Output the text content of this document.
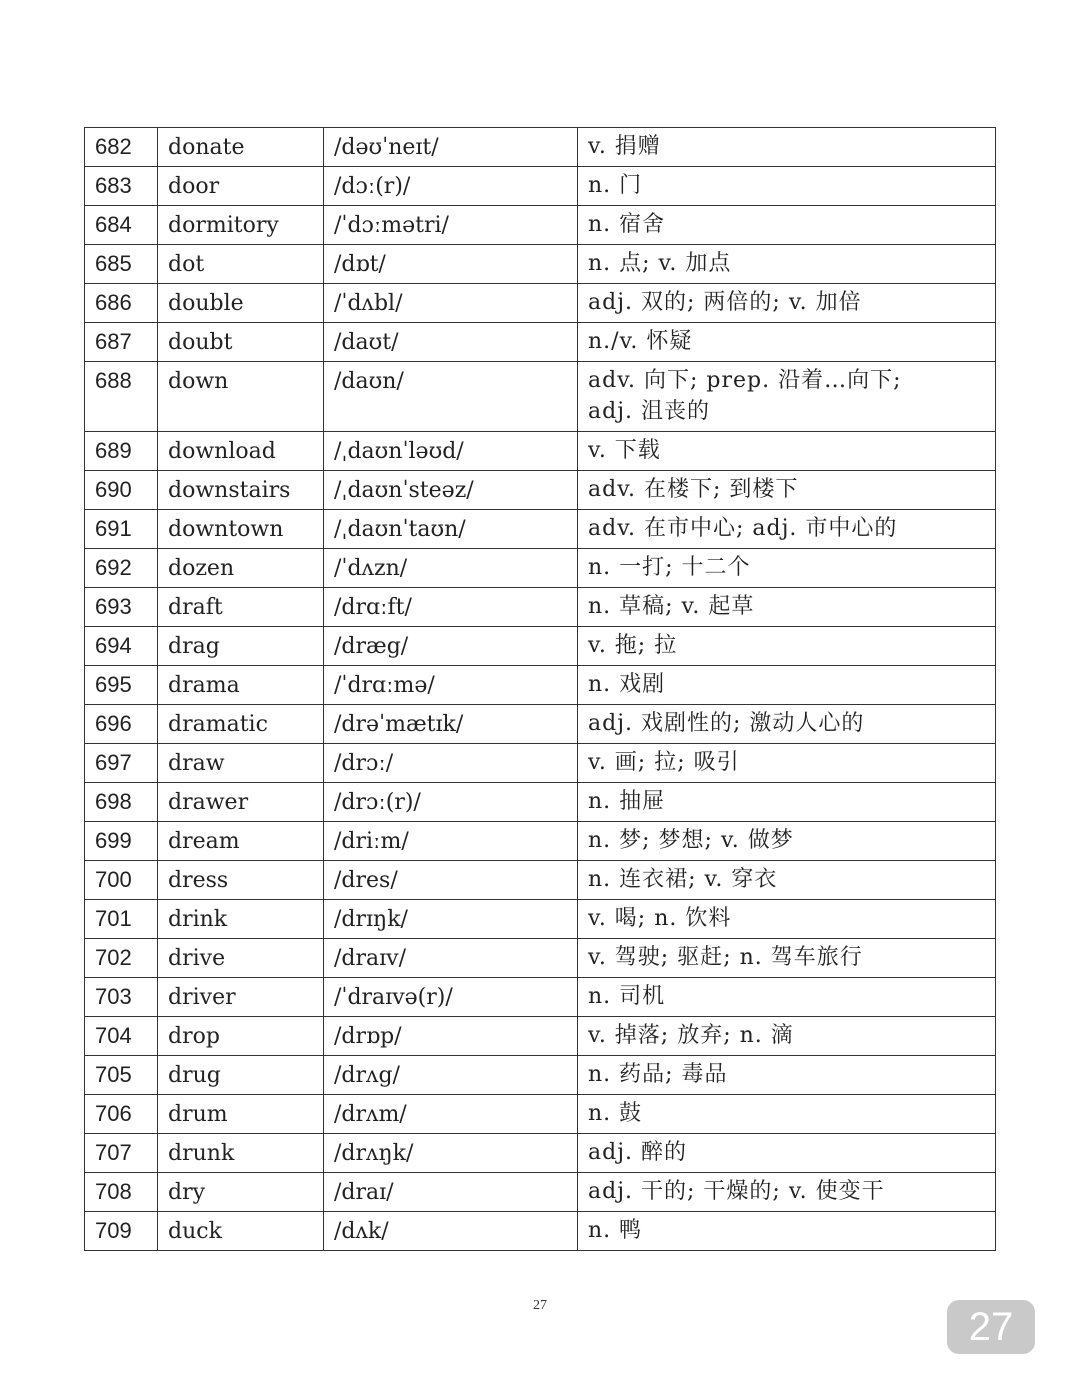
682	donate	/dəʊˈneɪt/	v. 捐赠

683	door	/dɔː(r)/	n. 门

684	dormitory	/ˈdɔːmətri/	n. 宿舍

685	dot	/dɒt/	n. 点; v. 加点

686	double	/ˈdʌbl/	adj. 双的; 两倍的; v. 加倍

687	doubt	/daʊt/	n./v. 怀疑

688	down	/daʊn/	adv. 向下; prep. 沿着…向下;
adj. 沮丧的

689	download	/ˌdaʊnˈləʊd/	v. 下载

690	downstairs	/ˌdaʊnˈsteəz/	adv. 在楼下; 到楼下

691	downtown	/ˌdaʊnˈtaʊn/	adv. 在市中心; adj. 市中心的

692	dozen	/ˈdʌzn/	n. 一打; 十二个

693	draft	/drɑːft/	n. 草稿; v. 起草

694	drag	/dræg/	v. 拖; 拉

695	drama	/ˈdrɑːmə/	n. 戏剧

696	dramatic	/drəˈmætɪk/	adj. 戏剧性的; 激动人心的

697	draw	/drɔː/	v. 画; 拉; 吸引

698	drawer	/drɔː(r)/	n. 抽屉

699	dream	/driːm/	n. 梦; 梦想; v. 做梦

700	dress	/dres/	n. 连衣裙; v. 穿衣

701	drink	/drɪŋk/	v. 喝; n. 饮料

702	drive	/draɪv/	v. 驾驶; 驱赶; n. 驾车旅行

703	driver	/ˈdraɪvə(r)/	n. 司机

704	drop	/drɒp/	v. 掉落; 放弃; n. 滴

705	drug	/drʌg/	n. 药品; 毒品

706	drum	/drʌm/	n. 鼓

707	drunk	/drʌŋk/	adj. 醉的

708	dry	/draɪ/	adj. 干的; 干燥的; v. 使变干

709	duck	/dʌk/	n. 鸭
27	27
